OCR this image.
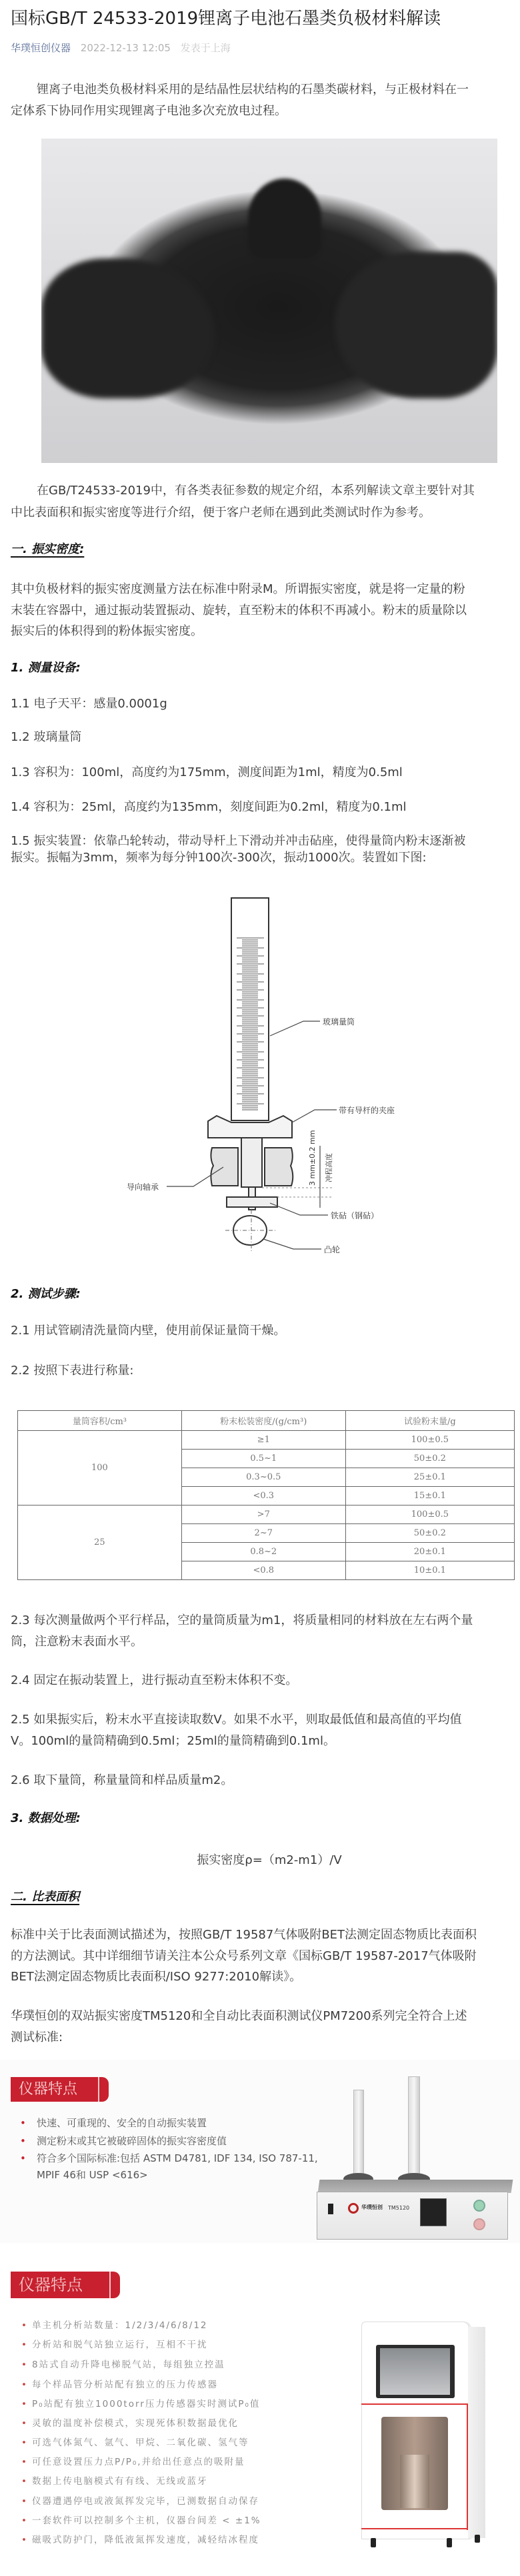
国标GB/T 24533-2019锂离子电池石墨类负极材料解读
华璞恒创仪器 2022-12-13 12:05 发表于上海
锂离子电池类负极材料采用的是结晶性层状结构的石墨类碳材料，与正极材料在一
定体系下协同作用实现锂离子电池多次充放电过程。
在GB/T24533-2019中，有各类表征参数的规定介绍，本系列解读文章主要针对其
中比表面积和振实密度等进行介绍，便于客户老师在遇到此类测试时作为参考。
一. 振实密度:
其中负极材料的振实密度测量方法在标准中附录M。所谓振实密度，就是将一定量的粉
末装在容器中，通过振动装置振动、旋转，直至粉末的体积不再减小。粉末的质量除以
振实后的体积得到的粉体振实密度。
1. 测量设备:
1.1 电子天平：感量0.0001g
1.2 玻璃量筒
1.3 容积为：100ml，高度约为175mm，测度间距为1ml，精度为0.5ml
1.4 容积为：25ml，高度约为135mm，刻度间距为0.2ml，精度为0.1ml
1.5 振实装置：依靠凸轮转动，带动导杆上下滑动并冲击砧座，使得量筒内粉末逐渐被
振实。振幅为3mm，频率为每分钟100次-300次，振动1000次。装置如下图:
玻璃量筒
带有导杆的夹座
导向轴承
铁砧（钢砧）
凸轮
3 mm±0.2 mm 冲程高度
2. 测试步骤:
2.1 用试管刷清洗量筒内壁，使用前保证量筒干燥。
2.2 按照下表进行称量:
量筒容积/cm³	粉末松装密度/(g/cm³)	试验粉末量/g
100	≥1	100±0.5
	0.5~1	50±0.2
	0.3~0.5	25±0.1
	<0.3	15±0.1
25	>7	100±0.5
	2~7	50±0.2
	0.8~2	20±0.1
	<0.8	10±0.1
2.3 每次测量做两个平行样品，空的量筒质量为m1，将质量相同的材料放在左右两个量
筒，注意粉末表面水平。
2.4 固定在振动装置上，进行振动直至粉末体积不变。
2.5 如果振实后，粉末水平直接读取数V。如果不水平，则取最低值和最高值的平均值
V。100ml的量筒精确到0.5ml；25ml的量筒精确到0.1ml。
2.6 取下量筒，称量量筒和样品质量m2。
3. 数据处理:
振实密度ρ=（m2-m1）/V
二. 比表面积
标准中关于比表面测试描述为，按照GB/T 19587气体吸附BET法测定固态物质比表面积
的方法测试。其中详细细节请关注本公众号系列文章《国标GB/T 19587-2017气体吸附
BET法测定固态物质比表面积/ISO 9277:2010解读》。
华璞恒创的双站振实密度TM5120和全自动比表面积测试仪PM7200系列完全符合上述
测试标准:
仪器特点
• 快速、可重现的、安全的自动振实装置
• 测定粉末或其它被破碎固体的振实容密度值
• 符合多个国际标准:包括 ASTM D4781, IDF 134, ISO 787-11,
MPIF 46和 USP <616>
华璞恒创 TM5120
仪器特点
• 单主机分析站数量：1/2/3/4/6/8/12
• 分析站和脱气站独立运行，互相不干扰
• 8站式自动升降电梯脱气站，每组独立控温
• 每个样品管分析站配有独立的压力传感器
• P₀站配有独立1000torr压力传感器实时测试P₀值
• 灵敏的温度补偿模式，实现死体积数据最优化
• 可选气体氮气、氩气、甲烷、二氧化碳、氢气等
• 可任意设置压力点P/P₀,并给出任意点的吸附量
• 数据上传电脑模式有有线、无线或蓝牙
• 仪器遭遇停电或液氮挥发完毕，已测数据自动保存
• 一套软件可以控制多个主机，仪器台间差 < ±1%
• 磁吸式防护门，降低液氮挥发速度，减轻结冰程度
